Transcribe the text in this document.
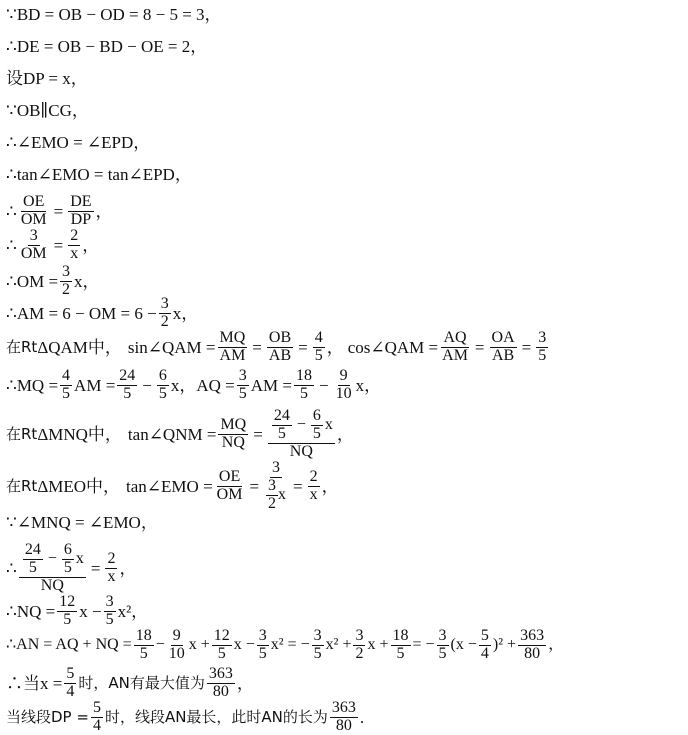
∵BD = OB − OD = 8 − 5 = 3，
∴DE = OB − BD − OE = 2，
设DP = x，
∵OB∥CG，
∴∠EMO = ∠EPD，
∴tan∠EMO = tan∠EPD，
∴ $\frac{OE}{OM} = \frac{DE}{DP}$ ，
∴ $\frac{3}{OM} = \frac{2}{x}$ ，
∴OM = $\frac{3}{2}$ x，
∴AM = 6 − OM = $6 - \frac{3}{2}$ x，
在Rt ΔQAM中， sin∠QAM = $\frac{MQ}{AM} = \frac{OB}{AB} = \frac{4}{5}$ ， cos∠QAM = $\frac{AQ}{AM} = \frac{OA}{AB} = \frac{3}{5}$
∴MQ = $\frac{4}{5}$ AM = $\frac{24}{5} - \frac{6}{5}$ x，AQ = $\frac{3}{5}$ AM = $\frac{18}{5} - \frac{9}{10}$ x，
在Rt ΔMNQ中， tan∠QNM = $\frac{MQ}{NQ} = \frac{\frac{24}{5} - \frac{6}{5} x}{NQ}$ ，
在Rt ΔMEO中， tan∠EMO = $\frac{OE}{OM} = \frac{3}{\frac{3}{2} x} = \frac{2}{x}$ ，
∵∠MNQ = ∠EMO，
∴ $\frac{\frac{24}{5} - \frac{6}{5} x}{NQ} = \frac{2}{x}$ ，
∴NQ = $\frac{12}{5}$ $x - \frac{3}{5} x^2$，
∴AN = AQ + NQ = $\frac{18}{5} - \frac{9}{10}$ $x + \frac{12}{5}$ $x - \frac{3}{5} x^2$ = − $\frac{3}{5} x^2 + \frac{3}{2}$ $x + \frac{18}{5}$ = − $\frac{3}{5}$ ( $x - \frac{5}{4} )^2 + \frac{363}{80}$ ，
∴当$x = \frac{5}{4}$ 时，AN有最大值为 $\frac{363}{80}$ ，
当线段DP = $\frac{5}{4}$ 时，线段AN最长，此时AN的长为 $\frac{363}{80}$ .
